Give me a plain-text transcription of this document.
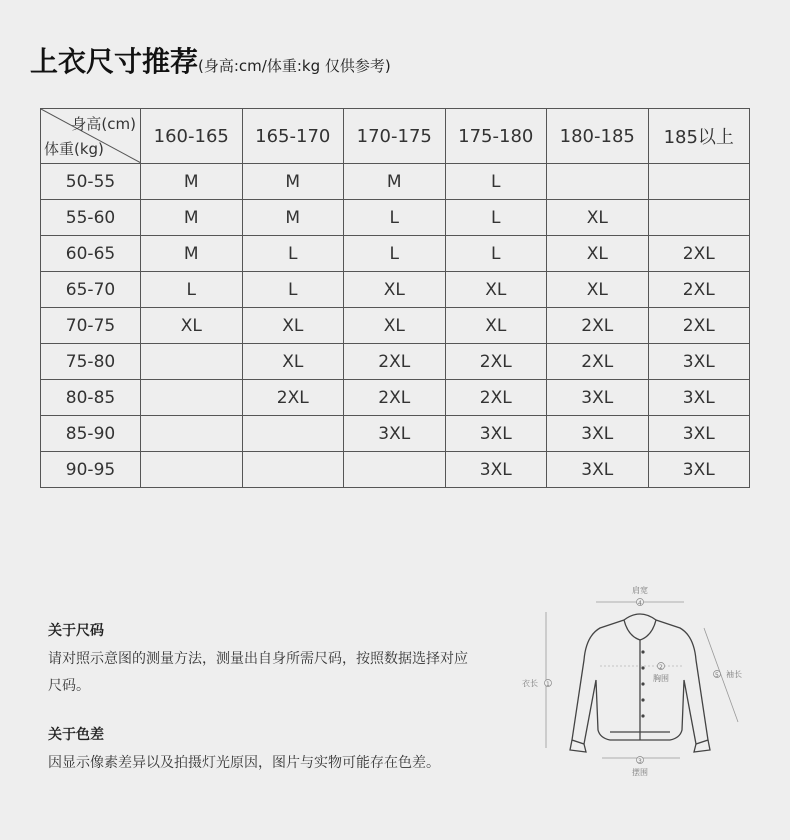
上衣尺寸推荐(身高:cm/体重:kg 仅供参考)
身高(cm)
体重(kg)	160-165	165-170	170-175	175-180	180-185	185以上
50-55	M	M	M	L		
55-60	M	M	L	L	XL	
60-65	M	L	L	L	XL	2XL
65-70	L	L	XL	XL	XL	2XL
70-75	XL	XL	XL	XL	2XL	2XL
75-80		XL	2XL	2XL	2XL	3XL
80-85		2XL	2XL	2XL	3XL	3XL
85-90			3XL	3XL	3XL	3XL
90-95				3XL	3XL	3XL
关于尺码

请对照示意图的测量方法，测量出自身所需尺码，按照数据选择对应尺码。

关于色差

因显示像素差异以及拍摄灯光原因，图片与实物可能存在色差。

肩宽
4
衣长 1
2
胸围	5 袖长
3
摆围
